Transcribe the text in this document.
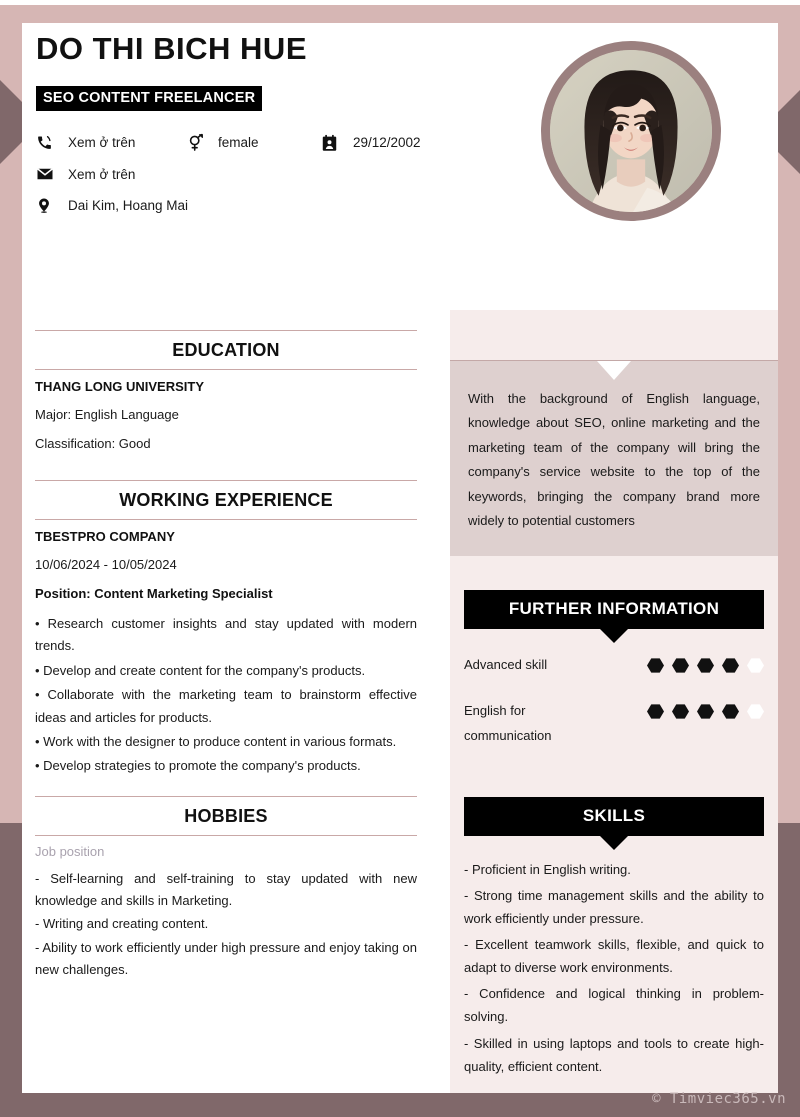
DO THI BICH HUE
SEO CONTENT FREELANCER
Xem ở trên	female	29/12/2002
Xem ở trên
Dai Kim, Hoang Mai
EDUCATION

THANG LONG UNIVERSITY

Major: English Language

Classification: Good

WORKING EXPERIENCE

TBESTPRO COMPANY

10/06/2024 - 10/05/2024

Position: Content Marketing Specialist

• Research customer insights and stay updated with modern trends.

• Develop and create content for the company's products.

• Collaborate with the marketing team to brainstorm effective ideas and articles for products.

• Work with the designer to produce content in various formats.

• Develop strategies to promote the company's products.

HOBBIES

Job position

- Self-learning and self-training to stay updated with new knowledge and skills in Marketing.

- Writing and creating content.

- Ability to work efficiently under high pressure and enjoy taking on new challenges.

With the background of English language, knowledge about SEO, online marketing and the marketing team of the company will bring the company's service website to the top of the keywords, bringing the company brand more widely to potential customers

FURTHER INFORMATION
Advanced skill
English for
communication
SKILLS

- Proficient in English writing.

- Strong time management skills and the ability to work efficiently under pressure.

- Excellent teamwork skills, flexible, and quick to adapt to diverse work environments.

- Confidence and logical thinking in problem-solving.

- Skilled in using laptops and tools to create high-quality, efficient content.

© Timviec365.vn
